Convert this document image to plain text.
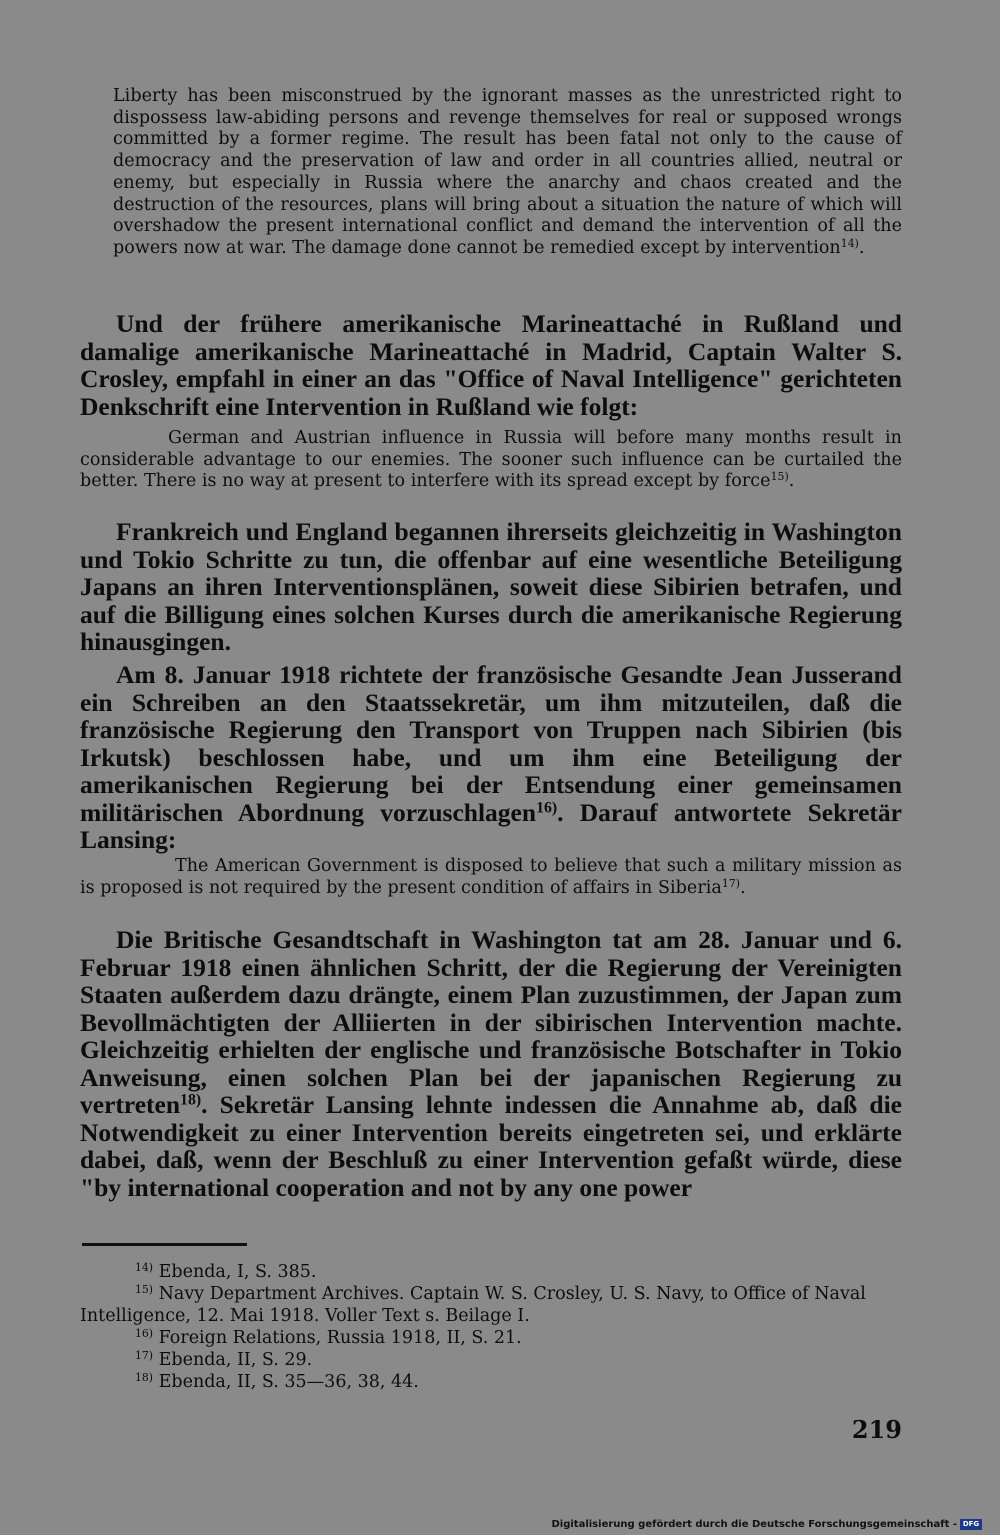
Liberty has been misconstrued by the ignorant masses as the unrestricted right to dispossess law-abiding persons and revenge themselves for real or supposed wrongs committed by a former regime. The result has been fatal not only to the cause of democracy and the preservation of law and order in all countries allied, neutral or enemy, but especially in Russia where the anarchy and chaos created and the destruction of the resources, plans will bring about a situation the nature of which will overshadow the present international conflict and demand the intervention of all the powers now at war. The damage done cannot be remedied except by intervention$^{14)}$.

Und der frühere amerikanische Marineattaché in Rußland und damalige amerikanische Marineattaché in Madrid, Captain Walter S. Crosley, empfahl in einer an das "Office of Naval Intelligence" gerichteten Denkschrift eine Intervention in Rußland wie folgt:

German and Austrian influence in Russia will before many months result in considerable advantage to our enemies. The sooner such influence can be curtailed the better. There is no way at present to interfere with its spread except by force$^{15)}$.

Frankreich und England begannen ihrerseits gleichzeitig in Washington und Tokio Schritte zu tun, die offenbar auf eine wesentliche Beteiligung Japans an ihren Interventionsplänen, soweit diese Sibirien betrafen, und auf die Billigung eines solchen Kurses durch die amerikanische Regierung hinausgingen.

Am 8. Januar 1918 richtete der französische Gesandte Jean Jusserand ein Schreiben an den Staatssekretär, um ihm mitzuteilen, daß die französische Regierung den Transport von Truppen nach Sibirien (bis Irkutsk) beschlossen habe, und um ihm eine Beteiligung der amerikanischen Regierung bei der Entsendung einer gemeinsamen militärischen Abordnung vorzuschlagen$^{16)}$. Darauf antwortete Sekretär Lansing:

The American Government is disposed to believe that such a military mission as is proposed is not required by the present condition of affairs in Siberia$^{17)}$.

Die Britische Gesandtschaft in Washington tat am 28. Januar und 6. Februar 1918 einen ähnlichen Schritt, der die Regierung der Vereinigten Staaten außerdem dazu drängte, einem Plan zuzustimmen, der Japan zum Bevollmächtigten der Alliierten in der sibirischen Intervention machte. Gleichzeitig erhielten der englische und französische Botschafter in Tokio Anweisung, einen solchen Plan bei der japanischen Regierung zu vertreten$^{18)}$. Sekretär Lansing lehnte indessen die Annahme ab, daß die Notwendigkeit zu einer Intervention bereits eingetreten sei, und erklärte dabei, daß, wenn der Beschluß zu einer Intervention gefaßt würde, diese "by international cooperation and not by any one power

$^{14)}$ Ebenda, I, S. 385.

$^{15)}$ Navy Department Archives. Captain W. S. Crosley, U. S. Navy, to Office of Naval Intelligence, 12. Mai 1918. Voller Text s. Beilage I.

$^{16)}$ Foreign Relations, Russia 1918, II, S. 21.

$^{17)}$ Ebenda, II, S. 29.

$^{18)}$ Ebenda, II, S. 35—36, 38, 44.

219
Digitalisierung gefördert durch die Deutsche Forschungsgemeinschaft - DFG
